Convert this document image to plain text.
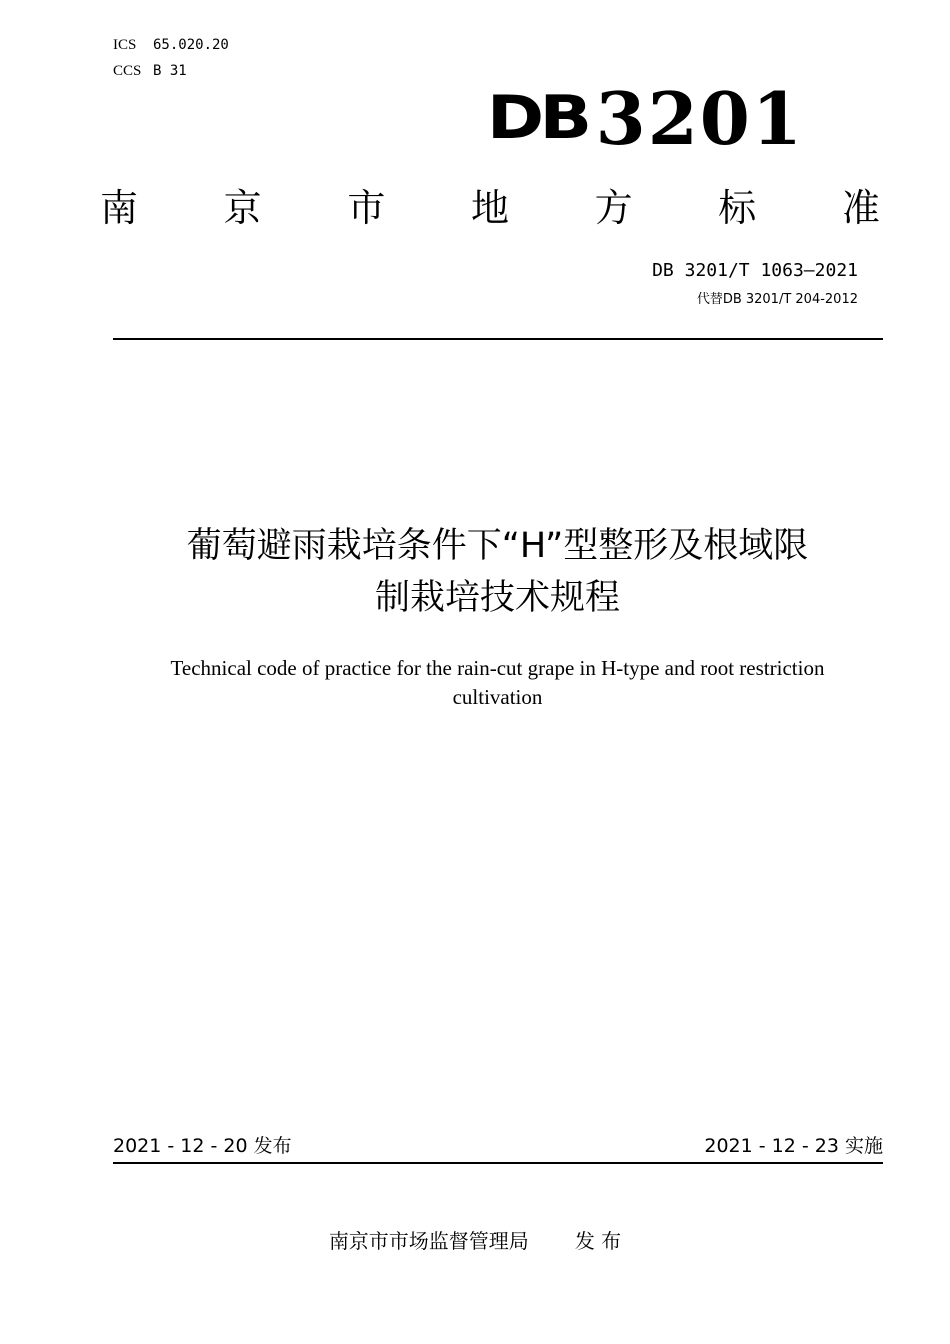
ICS 65.020.20
CCS B 31
DB 3201
南 京 市 地 方 标 准
DB 3201/T 1063—2021
代替DB 3201/T 204-2012
葡萄避雨栽培条件下“H”型整形及根域限
制栽培技术规程
Technical code of practice for the rain-cut grape in H-type and root restriction
cultivation
2021 - 12 - 20 发布	2021 - 12 - 23 实施
南京市市场监督管理局 发 布
